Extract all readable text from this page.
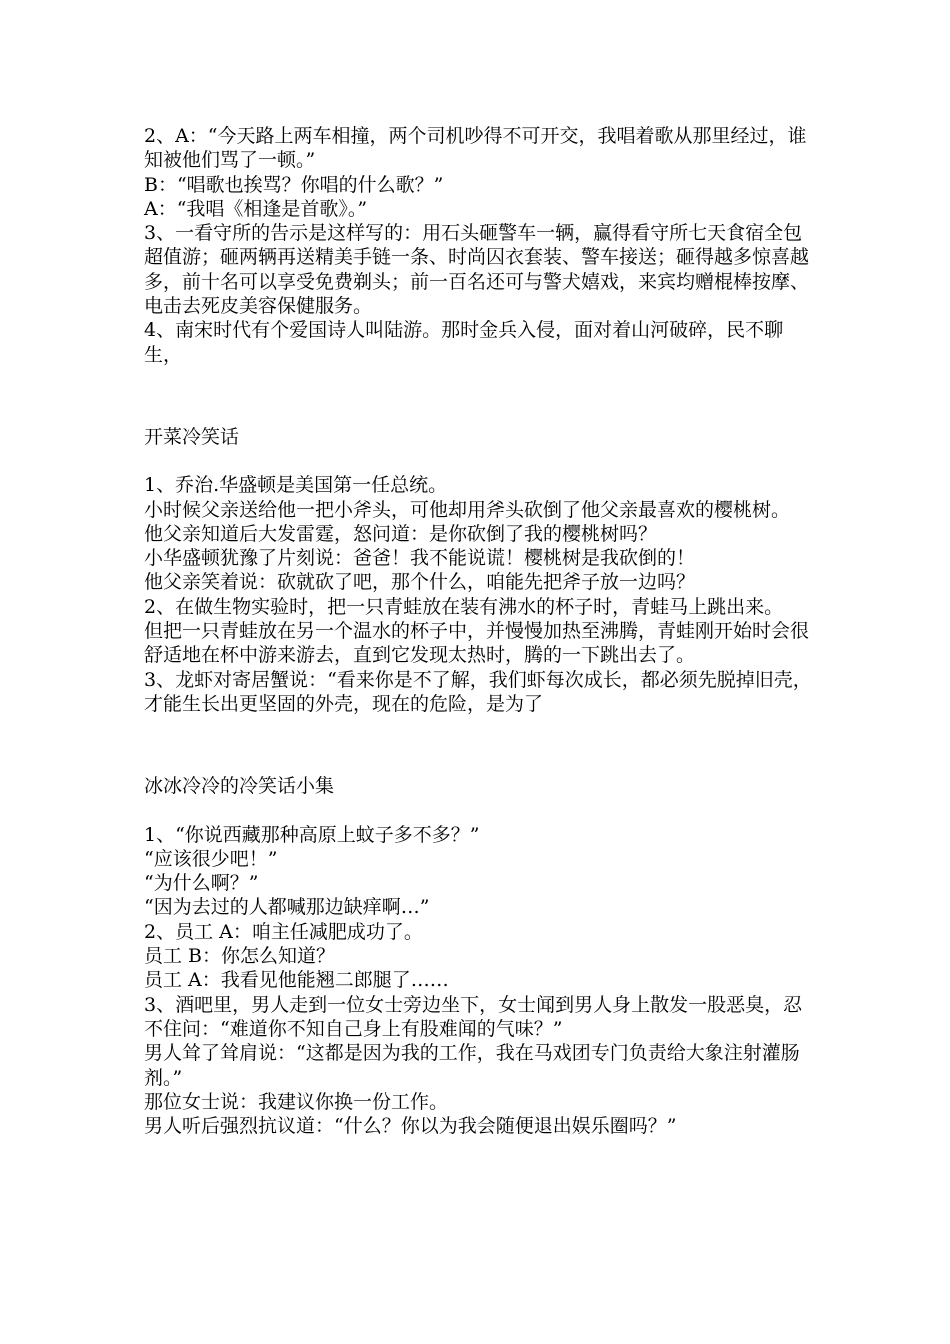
2、A：“今天路上两车相撞，两个司机吵得不可开交，我唱着歌从那里经过，谁知被他们骂了一顿。”

B：“唱歌也挨骂？你唱的什么歌？”

A：“我唱《相逢是首歌》。”

3、一看守所的告示是这样写的：用石头砸警车一辆，赢得看守所七天食宿全包超值游；砸两辆再送精美手链一条、时尚囚衣套装、警车接送；砸得越多惊喜越多，前十名可以享受免费剃头；前一百名还可与警犬嬉戏，来宾均赠棍棒按摩、电击去死皮美容保健服务。

4、南宋时代有个爱国诗人叫陆游。那时金兵入侵，面对着山河破碎，民不聊生，

开菜冷笑话

1、乔治.华盛顿是美国第一任总统。

小时候父亲送给他一把小斧头，可他却用斧头砍倒了他父亲最喜欢的樱桃树。

他父亲知道后大发雷霆，怒问道：是你砍倒了我的樱桃树吗？

小华盛顿犹豫了片刻说：爸爸！我不能说谎！樱桃树是我砍倒的！

他父亲笑着说：砍就砍了吧，那个什么，咱能先把斧子放一边吗？

2、在做生物实验时，把一只青蛙放在装有沸水的杯子时，青蛙马上跳出来。

但把一只青蛙放在另一个温水的杯子中，并慢慢加热至沸腾，青蛙刚开始时会很舒适地在杯中游来游去，直到它发现太热时，腾的一下跳出去了。

3、龙虾对寄居蟹说：“看来你是不了解，我们虾每次成长，都必须先脱掉旧壳，才能生长出更坚固的外壳，现在的危险，是为了

冰冰冷冷的冷笑话小集

1、“你说西藏那种高原上蚊子多不多？”

“应该很少吧！”

“为什么啊？”

“因为去过的人都喊那边缺痒啊…”

2、员工 A：咱主任减肥成功了。

员工 B：你怎么知道？

员工 A：我看见他能翘二郎腿了……

3、酒吧里，男人走到一位女士旁边坐下，女士闻到男人身上散发一股恶臭，忍不住问：“难道你不知自己身上有股难闻的气味？”

男人耸了耸肩说：“这都是因为我的工作，我在马戏团专门负责给大象注射灌肠剂。”

那位女士说：我建议你换一份工作。

男人听后强烈抗议道：“什么？你以为我会随便退出娱乐圈吗？”
